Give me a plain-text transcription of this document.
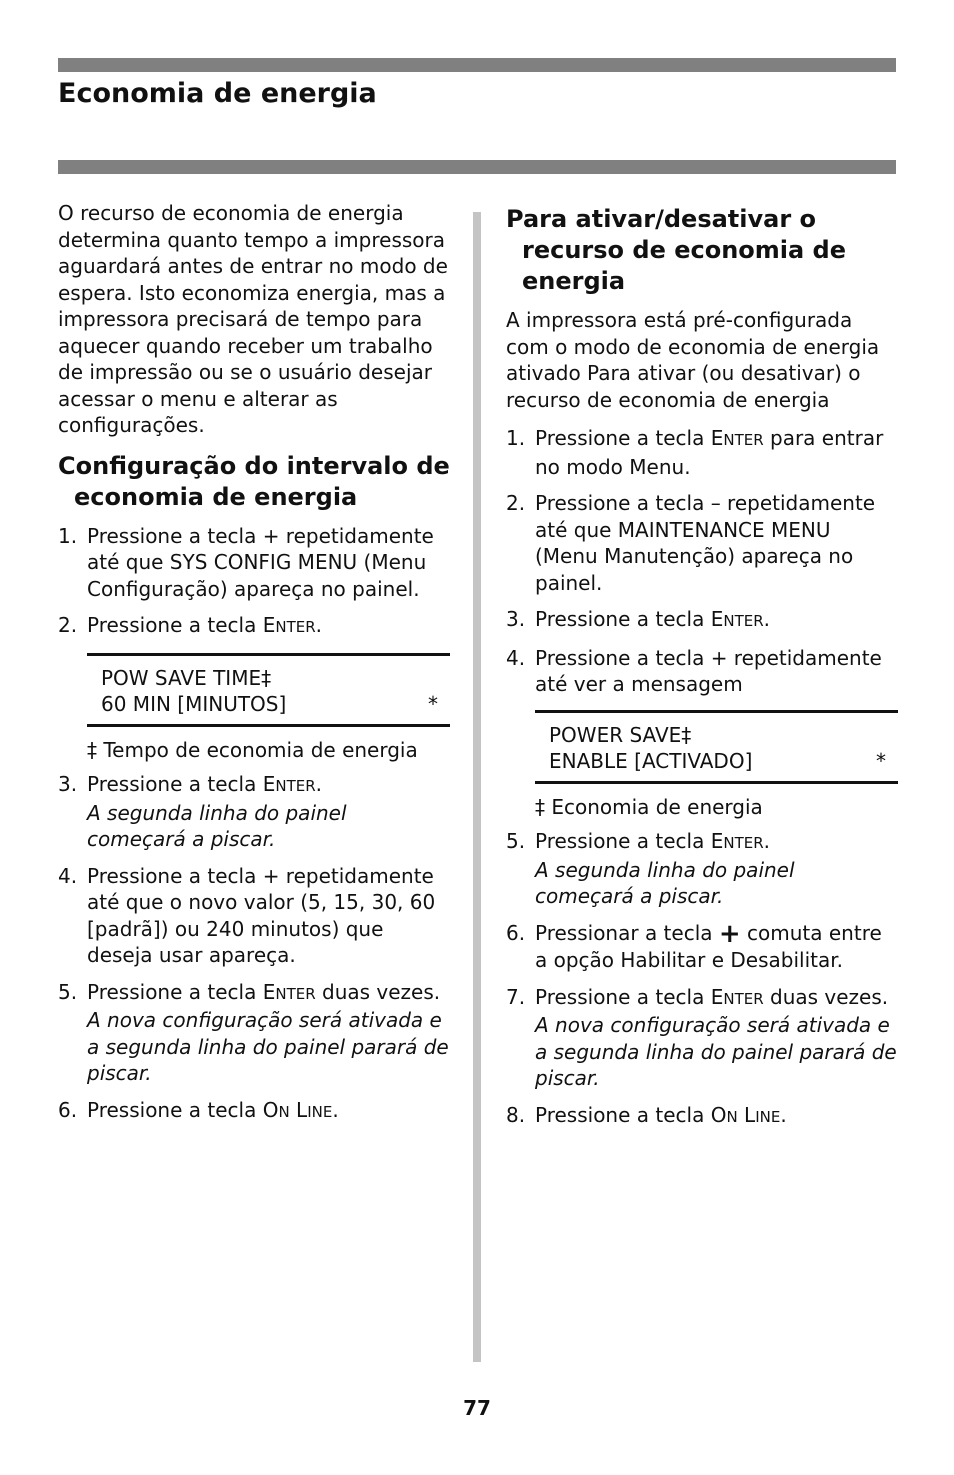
Economia de energia

O recurso de economia de energia determina quanto tempo a impressora aguardará antes de entrar no modo de espera. Isto economiza energia, mas a impressora precisará de tempo para aquecer quando receber um trabalho de impressão ou se o usuário desejar acessar o menu e alterar as configurações.

Configuração do intervalo de economia de energia
1. Pressione a tecla + repetidamente até que SYS CONFIG MENU (Menu Configuração) apareça no painel.
2. Pressione a tecla ENTER.
POW SAVE TIME‡
60 MIN [MINUTOS]	*

‡ Tempo de economia de energia

3. Pressione a tecla ENTER.
A segunda linha do painel começará a piscar.
4. Pressione a tecla + repetidamente até que o novo valor (5, 15, 30, 60 [padrã]) ou 240 minutos) que deseja usar apareça.
5. Pressione a tecla ENTER duas vezes.
A nova configuração será ativada e a segunda linha do painel parará de piscar.
6. Pressione a tecla ON LINE.
Para ativar/desativar o recurso de economia de energia

A impressora está pré-configurada com o modo de economia de energia ativado Para ativar (ou desativar) o recurso de economia de energia

1. Pressione a tecla ENTER para entrar no modo Menu.
2. Pressione a tecla – repetidamente até que MAINTENANCE MENU (Menu Manutenção) apareça no painel.
3. Pressione a tecla ENTER.
4. Pressione a tecla + repetidamente até ver a mensagem
POWER SAVE‡
ENABLE [ACTIVADO]	*

‡ Economia de energia

5. Pressione a tecla ENTER.
A segunda linha do painel começará a piscar.
6. Pressionar a tecla + comuta entre a opção Habilitar e Desabilitar.
7. Pressione a tecla ENTER duas vezes.
A nova configuração será ativada e a segunda linha do painel parará de piscar.
8. Pressione a tecla ON LINE.
77
